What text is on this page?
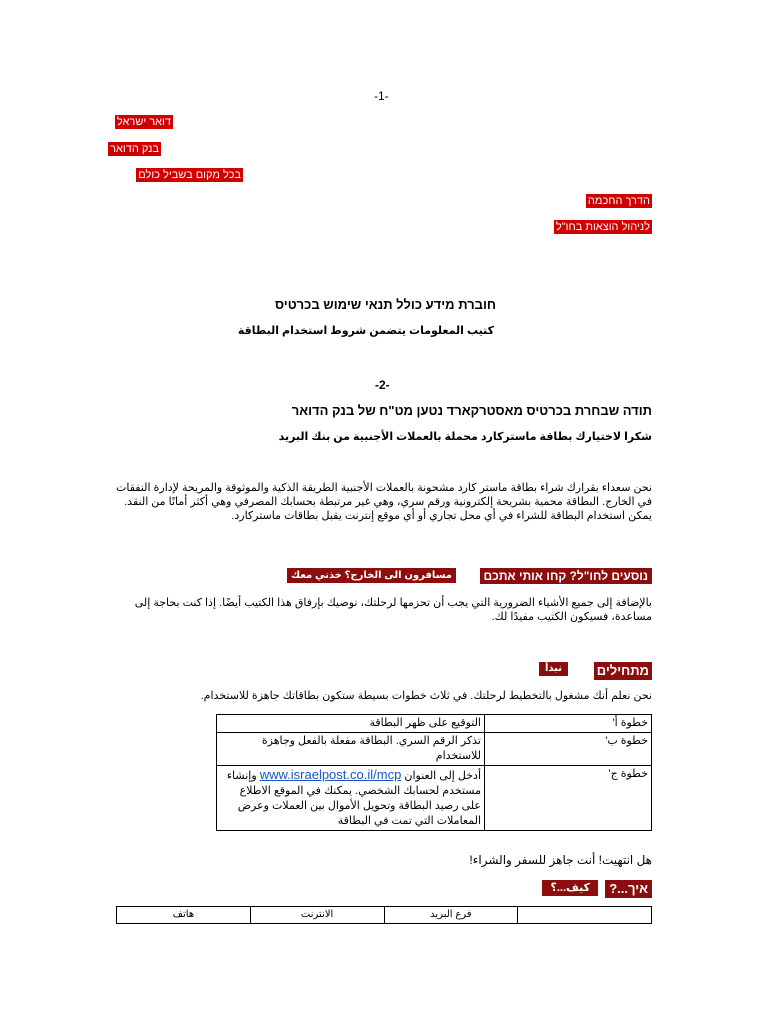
-1-
דואר ישראל
בנק הדואר
בכל מקום בשביל כולם
הדרך החכמה
לניהול הוצאות בחו"ל
חוברת מידע כולל תנאי שימוש בכרטיס
كتيب المعلومات يتضمن شروط استخدام البطاقة
-2-
תודה שבחרת בכרטיס מאסטרקארד נטען מט"ח של בנק הדואר
شكرا لاختيارك بطاقة ماستركارد محملة بالعملات الأجنبية من بنك البريد
نحن سعداء بقرارك شراء بطاقة ماستر كارد مشحونة بالعملات الأجنبية الطريقة الذكية والموثوقة والمريحة لإدارة النفقات في الخارج. البطاقة محمية بشريحة إلكترونية ورقم سري، وهي غير مرتبطة بحسابك المصرفي وهي أكثر أمانًا من النقد. يمكن استخدام البطاقة للشراء في أي محل تجاري أو أي موقع إنترنت يقبل بطاقات ماستركارد.
נוסעים לחו"ל? קחו אותי אתכם
مسافرون الى الخارج؟ خذني معك
بالإضافة إلى جميع الأشياء الضرورية التي يجب أن تحزمها لرحلتك، نوصيك بإرفاق هذا الكتيب أيضًا. إذا كنت بحاجة إلى مساعدة، فسيكون الكتيب مفيدًا لك.
מתחילים
نبدأ
نحن نعلم أنك مشغول بالتخطيط لرحلتك. في ثلاث خطوات بسيطة ستكون بطاقاتك جاهزة للاستخدام.
خطوة أ'	التوقيع على ظهر البطاقة
خطوة ب'	تذكر الرقم السري. البطاقة مفعلة بالفعل وجاهزة للاستخدام
خطوة ج'	أدخل إلى العنوان www.israelpost.co.il/mcp وإنشاء مستخدم لحسابك الشخصي. يمكنك في الموقع الاطلاع على رصيد البطاقة وتحويل الأموال بين العملات وعرض المعاملات التي تمت في البطاقة
هل انتهيت! أنت جاهز للسفر والشراء!
איך...?
كيف...؟
	فرع البريد	الانترنت	هاتف
